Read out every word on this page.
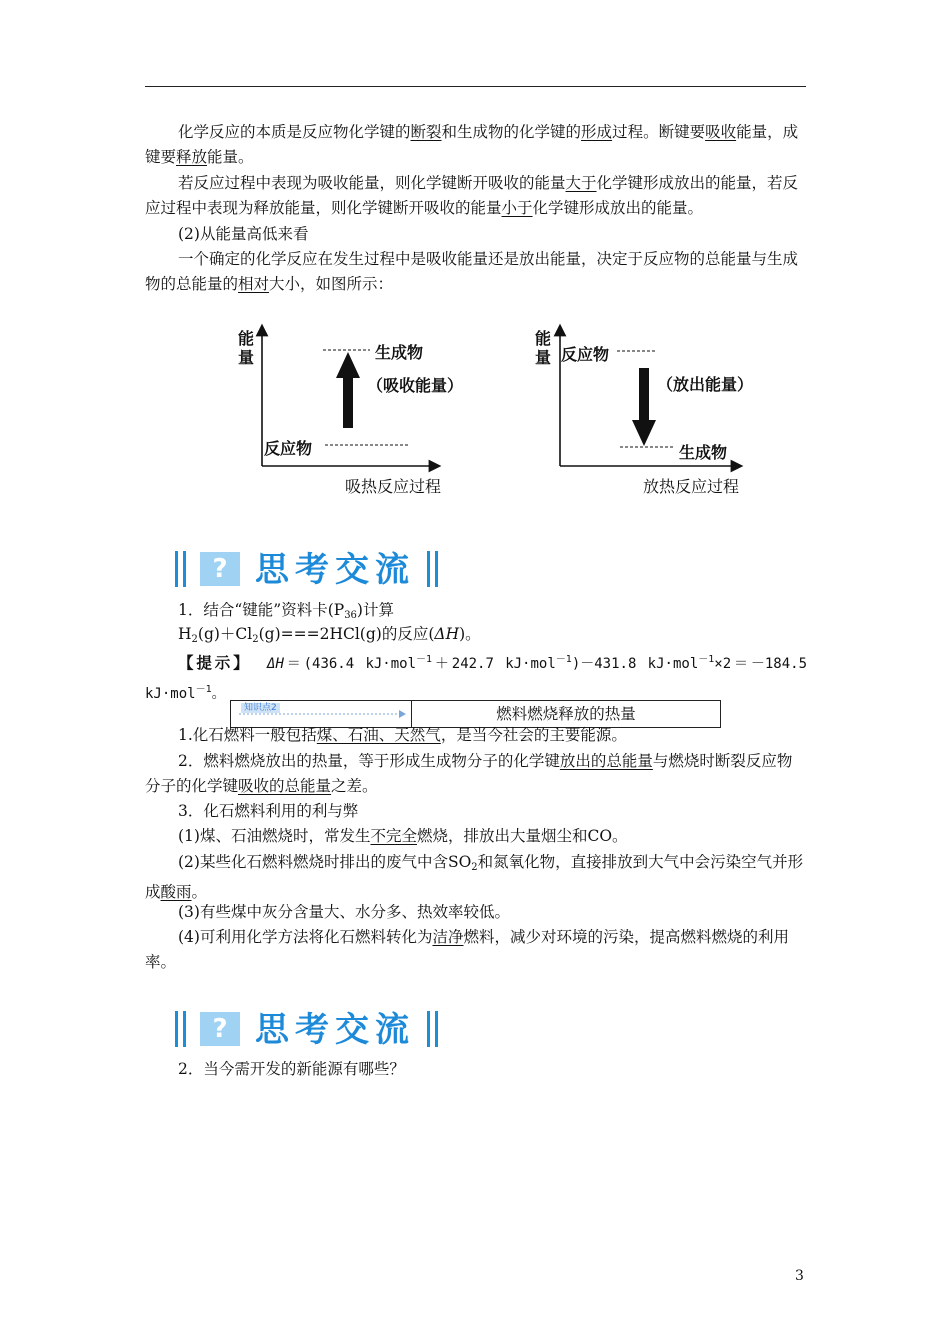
化学反应的本质是反应物化学键的断裂和生成物的化学键的形成过程。断键要吸收能量，成键要释放能量。

若反应过程中表现为吸收能量，则化学键断开吸收的能量大于化学键形成放出的能量，若反应过程中表现为释放能量，则化学键断开吸收的能量小于化学键形成放出的能量。

(2)从能量高低来看

一个确定的化学反应在发生过程中是吸收能量还是放出能量，决定于反应物的总能量与生成物的总能量的相对大小，如图所示：

能
量	生成物
（吸收能量）
反应物
吸热反应过程
能
量 反应物
（放出能量）
生成物
放热反应过程
? 思考交流

1．结合“键能”资料卡$(P_{36})$计算

$H_2(g)+Cl_2(g)===2HCl(g)$的反应(ΔH)。

【提示】 ΔH＝(436.4 kJ·mol$^{-1}$＋242.7 kJ·mol$^{-1}$)－431.8 kJ·mol$^{-1}$×2＝－184.5 kJ·mol$^{-1}$。

知识点2	燃料燃烧释放的热量

1.化石燃料一般包括煤、石油、天然气，是当今社会的主要能源。

2．燃料燃烧放出的热量，等于形成生成物分子的化学键放出的总能量与燃烧时断裂反应物分子的化学键吸收的总能量之差。

3．化石燃料利用的利与弊

(1)煤、石油燃烧时，常发生不完全燃烧，排放出大量烟尘和CO。

(2)某些化石燃料燃烧时排出的废气中含$SO_2$和氮氧化物，直接排放到大气中会污染空气并形成酸雨。

(3)有些煤中灰分含量大、水分多、热效率较低。

(4)可利用化学方法将化石燃料转化为洁净燃料，减少对环境的污染，提高燃料燃烧的利用率。

? 思考交流

2．当今需开发的新能源有哪些？

3
